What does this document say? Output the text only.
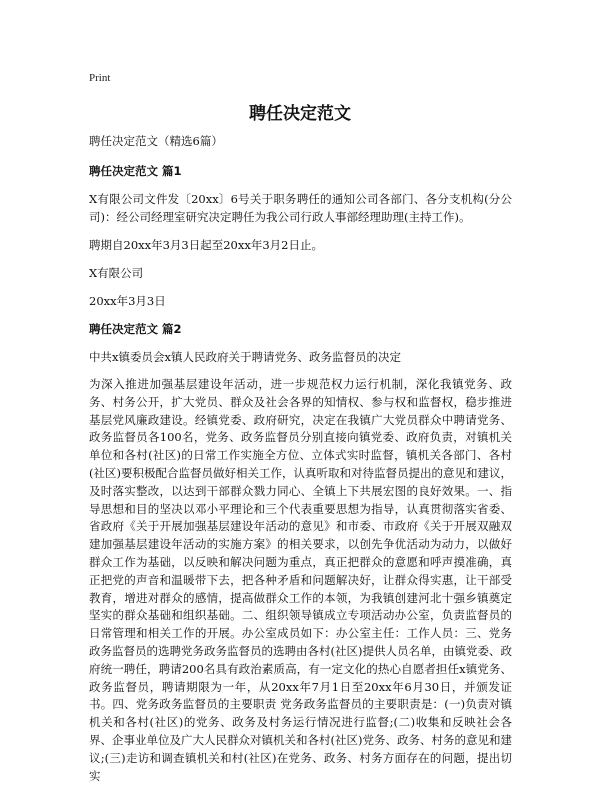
Print
聘任决定范文

聘任决定范文（精选6篇）

聘任决定范文 篇1

X有限公司文件发〔20xx〕6号关于职务聘任的通知公司各部门、各分支机构(分公司)：经公司经理室研究决定聘任为我公司行政人事部经理助理(主持工作)。

聘期自20xx年3月3日起至20xx年3月2日止。

X有限公司

20xx年3月3日

聘任决定范文 篇2

中共x镇委员会x镇人民政府关于聘请党务、政务监督员的决定

为深入推进加强基层建设年活动，进一步规范权力运行机制，深化我镇党务、政务、村务公开，扩大党员、群众及社会各界的知情权、参与权和监督权，稳步推进基层党风廉政建设。经镇党委、政府研究，决定在我镇广大党员群众中聘请党务、政务监督员各100名，党务、政务监督员分别直接向镇党委、政府负责，对镇机关单位和各村(社区)的日常工作实施全方位、立体式实时监督，镇机关各部门、各村(社区)要积极配合监督员做好相关工作，认真听取和对待监督员提出的意见和建议，及时落实整改，以达到干部群众戮力同心、全镇上下共展宏图的良好效果。一、指导思想和目的坚决以邓小平理论和三个代表重要思想为指导，认真贯彻落实省委、省政府《关于开展加强基层建设年活动的意见》和市委、市政府《关于开展双融双建加强基层建设年活动的实施方案》的相关要求，以创先争优活动为动力，以做好群众工作为基础，以反映和解决问题为重点，真正把群众的意愿和呼声摸准确，真正把党的声音和温暖带下去，把各种矛盾和问题解决好，让群众得实惠，让干部受教育，增进对群众的感情，提高做群众工作的本领，为我镇创建河北十强乡镇奠定坚实的群众基础和组织基础。二、组织领导镇成立专项活动办公室，负责监督员的日常管理和相关工作的开展。办公室成员如下：办公室主任：工作人员：三、党务政务监督员的选聘党务政务监督员的选聘由各村(社区)提供人员名单，由镇党委、政府统一聘任，聘请200名具有政治素质高，有一定文化的热心自愿者担任x镇党务、政务监督员，聘请期限为一年，从20xx年7月1日至20xx年6月30日，并颁发证书。四、党务政务监督员的主要职责 党务政务监督员的主要职责是：(一)负责对镇机关和各村(社区)的党务、政务及村务运行情况进行监督;(二)收集和反映社会各界、企事业单位及广大人民群众对镇机关和各村(社区)党务、政务、村务的意见和建议;(三)走访和调查镇机关和村(社区)在党务、政务、村务方面存在的问题，提出切实
